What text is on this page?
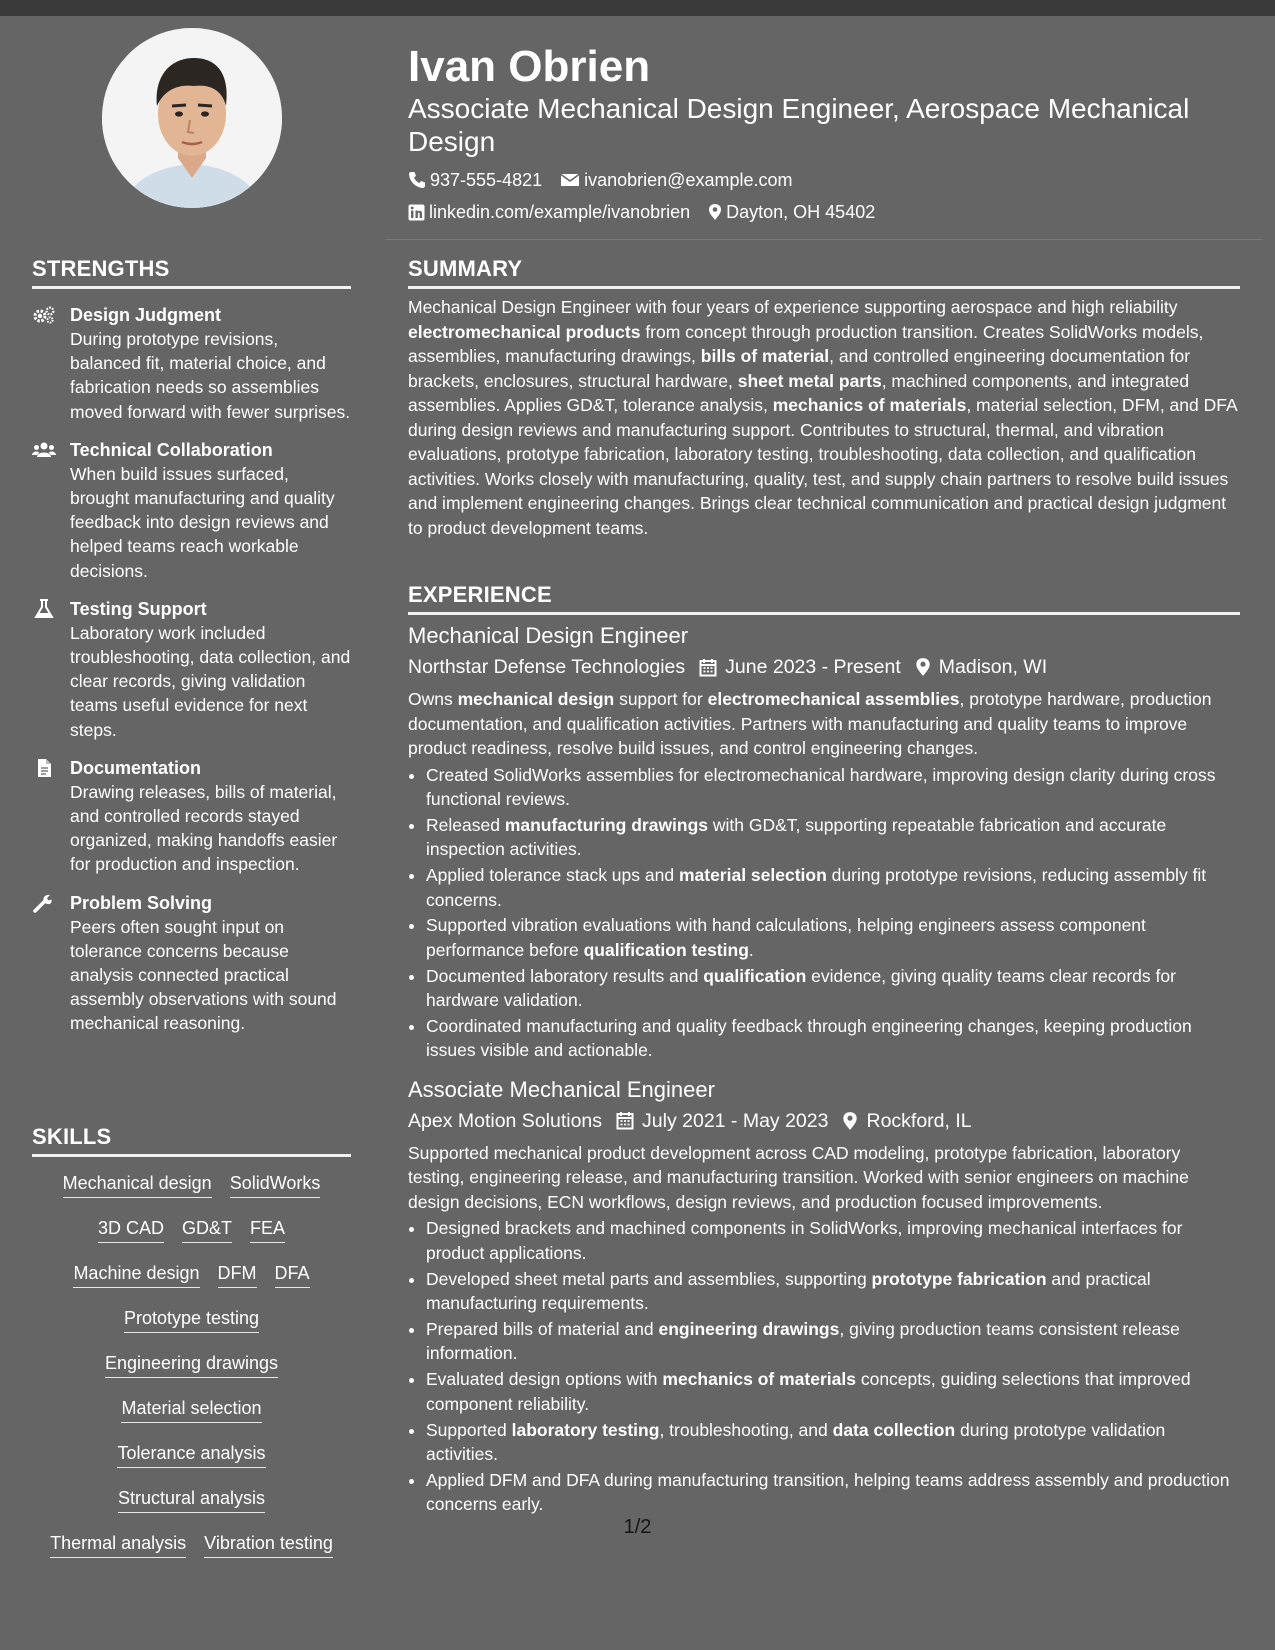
STRENGTHS
Design Judgment
During prototype revisions, balanced fit, material choice, and fabrication needs so assemblies moved forward with fewer surprises.
Technical Collaboration
When build issues surfaced, brought manufacturing and quality feedback into design reviews and helped teams reach workable decisions.
Testing Support
Laboratory work included troubleshooting, data collection, and clear records, giving validation teams useful evidence for next steps.
Documentation
Drawing releases, bills of material, and controlled records stayed organized, making handoffs easier for production and inspection.
Problem Solving
Peers often sought input on tolerance concerns because analysis connected practical assembly observations with sound mechanical reasoning.
SKILLS
Mechanical design SolidWorks
3D CAD GD&T FEA
Machine design DFM DFA
Prototype testing
Engineering drawings
Material selection
Tolerance analysis
Structural analysis
Thermal analysis Vibration testing
Ivan Obrien
Associate Mechanical Design Engineer, Aerospace Mechanical Design
937-555-4821 ivanobrien@example.com
linkedin.com/example/ivanobrien Dayton, OH 45402
SUMMARY
Mechanical Design Engineer with four years of experience supporting aerospace and high reliability electromechanical products from concept through production transition. Creates SolidWorks models, assemblies, manufacturing drawings, bills of material, and controlled engineering documentation for brackets, enclosures, structural hardware, sheet metal parts, machined components, and integrated assemblies. Applies GD&T, tolerance analysis, mechanics of materials, material selection, DFM, and DFA during design reviews and manufacturing support. Contributes to structural, thermal, and vibration evaluations, prototype fabrication, laboratory testing, troubleshooting, data collection, and qualification activities. Works closely with manufacturing, quality, test, and supply chain partners to resolve build issues and implement engineering changes. Brings clear technical communication and practical design judgment to product development teams.
EXPERIENCE
Mechanical Design Engineer
Northstar Defense Technologies June 2023 - Present Madison, WI
Owns mechanical design support for electromechanical assemblies, prototype hardware, production documentation, and qualification activities. Partners with manufacturing and quality teams to improve product readiness, resolve build issues, and control engineering changes.
• Created SolidWorks assemblies for electromechanical hardware, improving design clarity during cross functional reviews.
• Released manufacturing drawings with GD&T, supporting repeatable fabrication and accurate inspection activities.
• Applied tolerance stack ups and material selection during prototype revisions, reducing assembly fit concerns.
• Supported vibration evaluations with hand calculations, helping engineers assess component performance before qualification testing.
• Documented laboratory results and qualification evidence, giving quality teams clear records for hardware validation.
• Coordinated manufacturing and quality feedback through engineering changes, keeping production issues visible and actionable.
Associate Mechanical Engineer
Apex Motion Solutions July 2021 - May 2023 Rockford, IL
Supported mechanical product development across CAD modeling, prototype fabrication, laboratory testing, engineering release, and manufacturing transition. Worked with senior engineers on machine design decisions, ECN workflows, design reviews, and production focused improvements.
• Designed brackets and machined components in SolidWorks, improving mechanical interfaces for product applications.
• Developed sheet metal parts and assemblies, supporting prototype fabrication and practical manufacturing requirements.
• Prepared bills of material and engineering drawings, giving production teams consistent release information.
• Evaluated design options with mechanics of materials concepts, guiding selections that improved component reliability.
• Supported laboratory testing, troubleshooting, and data collection during prototype validation activities.
• Applied DFM and DFA during manufacturing transition, helping teams address assembly and production concerns early.
1/2
